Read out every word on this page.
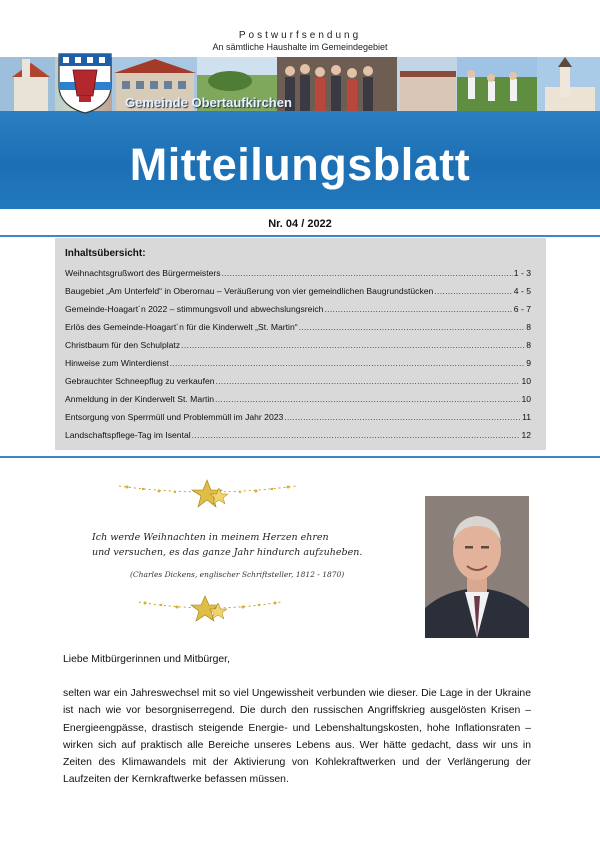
Postwurfsendung
An sämtliche Haushalte im Gemeindegebiet
Gemeinde Obertaufkirchen
Mitteilungsblatt
Nr. 04 / 2022
Inhaltsübersicht:
Weihnachtsgrußwort des Bürgermeisters .....	1 - 3
Baugebiet „Am Unterfeld“ in Oberornau – Veräußerung von vier gemeindlichen Baugrundstücken .....	4 - 5
Gemeinde-Hoagart´n 2022 – stimmungsvoll und abwechslungsreich .....	6 - 7
Erlös des Gemeinde-Hoagart´n für die Kinderwelt „St. Martin“ .....	8
Christbaum für den Schulplatz .....	8
Hinweise zum Winterdienst .....	9
Gebrauchter Schneepflug zu verkaufen .....	10
Anmeldung in der Kinderwelt St. Martin .....	10
Entsorgung von Sperrmüll und Problemmüll im Jahr 2023 .....	11
Landschaftspflege-Tag im Isental .....	12
Ich werde Weihnachten in meinem Herzen ehren
und versuchen, es das ganze Jahr hindurch aufzuheben.
(Charles Dickens, englischer Schriftsteller, 1812 - 1870)
Liebe Mitbürgerinnen und Mitbürger,
selten war ein Jahreswechsel mit so viel Ungewissheit verbunden wie dieser. Die Lage in der Ukraine ist nach wie vor besorgniserregend. Die durch den russischen Angriffskrieg ausgelösten Krisen – Energieengpässe, drastisch steigende Energie- und Lebenshaltungskosten, hohe Inflationsraten – wirken sich auf praktisch alle Bereiche unseres Lebens aus. Wer hätte gedacht, dass wir uns in Zeiten des Klimawandels mit der Aktivierung von Kohlekraftwerken und der Verlängerung der Laufzeiten der Kernkraftwerke befassen müssen.
